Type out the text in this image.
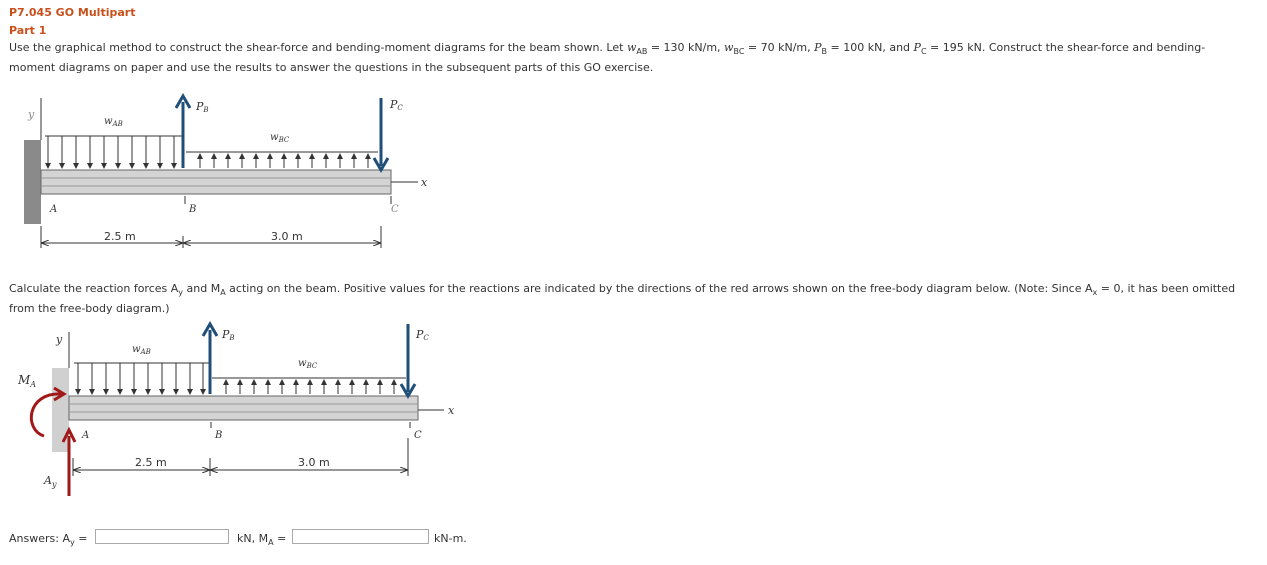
P7.045 GO Multipart
Part 1
Use the graphical method to construct the shear-force and bending-moment diagrams for the beam shown. Let $w_{AB} = 130$ kN/m, $w_{BC} = 70$ kN/m, $P_B = 100$ kN, and $P_C = 195$ kN. Construct the shear-force and bending-
moment diagrams on paper and use the results to answer the questions in the subsequent parts of this GO exercise.
y
x
$w_{AB}$
$w_{BC}$
PB	PC
A	B	C
2.5 m	3.0 m
Calculate the reaction forces $A_y$ and $M_A$ acting on the beam. Positive values for the reactions are indicated by the directions of the red arrows shown on the free-body diagram below. (Note: Since $A_x = 0$, it has been omitted
from the free-body diagram.)
y
x
$w_{AB}$
$w_{BC}$
PB	PC
$M_A$
$A_y$
A	B	C
2.5 m	3.0 m
Answers: $A_y$ =	kN, $M_A$ =	kN-m.
